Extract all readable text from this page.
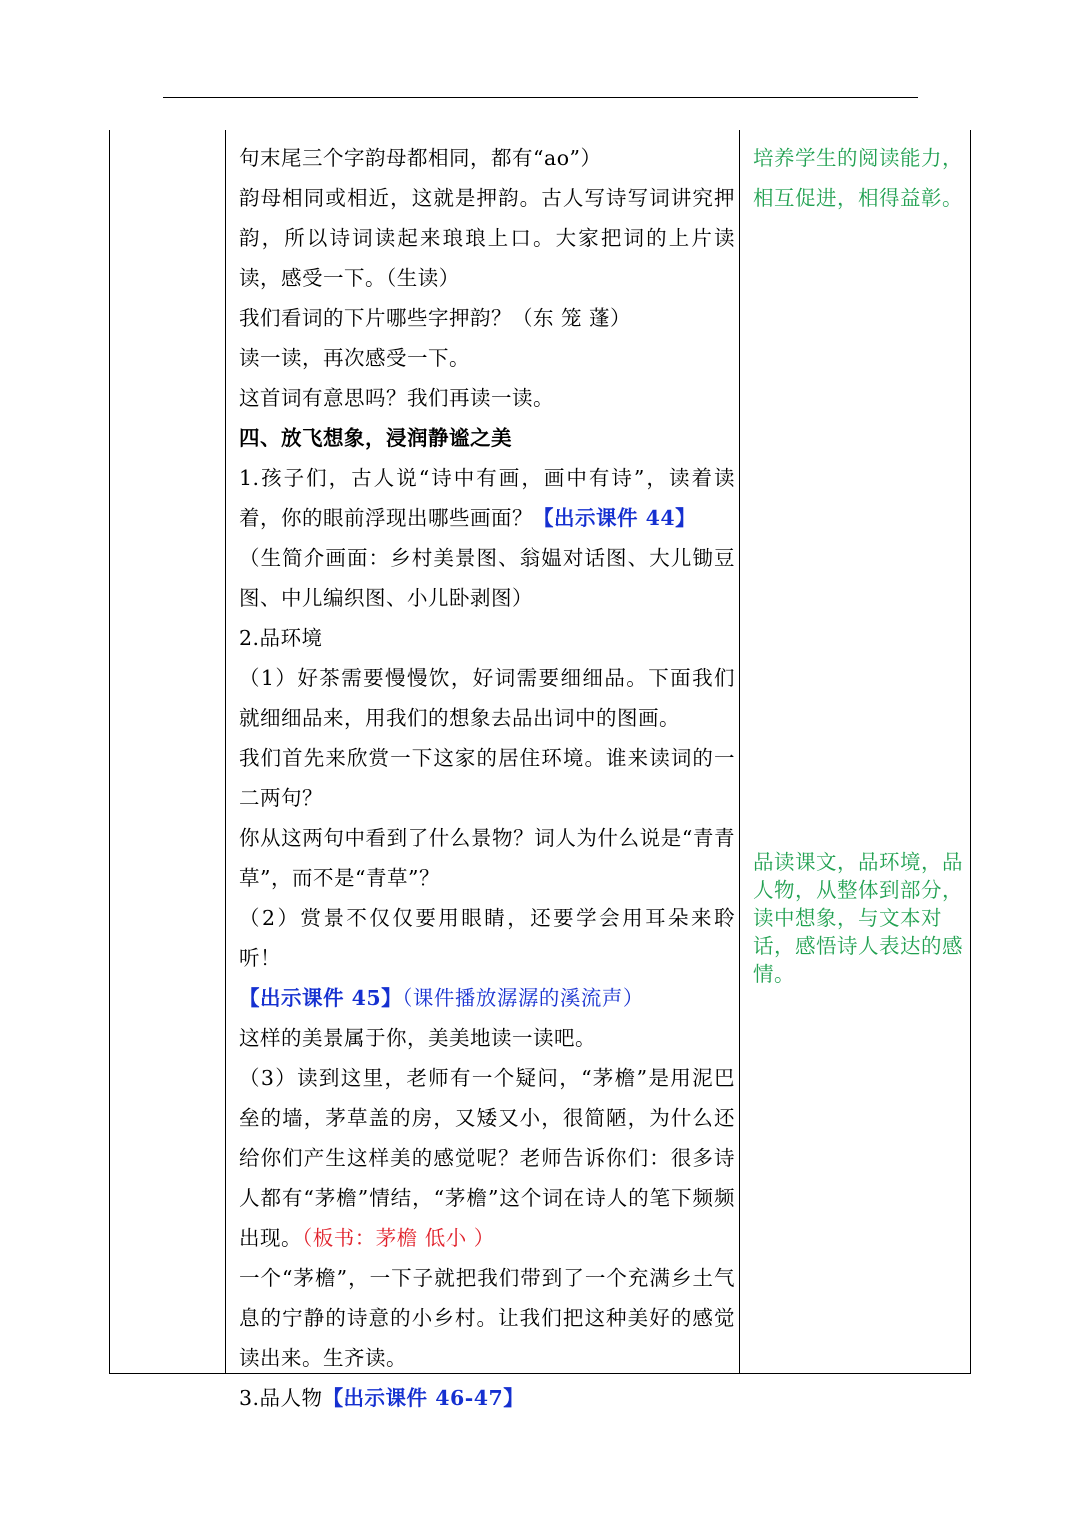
句末尾三个字韵母都相同，都有“ao”）

韵母相同或相近，这就是押韵。古人写诗写词讲究押韵，所以诗词读起来琅琅上口。大家把词的上片读读，感受一下。（生读）

我们看词的下片哪些字押韵？（东 笼 蓬）

读一读，再次感受一下。

这首词有意思吗？我们再读一读。

四、放飞想象，浸润静谧之美

1.孩子们，古人说“诗中有画，画中有诗”，读着读着，你的眼前浮现出哪些画面？【出示课件 44】

（生简介画面：乡村美景图、翁媪对话图、大儿锄豆图、中儿编织图、小儿卧剥图）

2.品环境

（1）好茶需要慢慢饮，好词需要细细品。下面我们就细细品来，用我们的想象去品出词中的图画。

我们首先来欣赏一下这家的居住环境。谁来读词的一二两句？

你从这两句中看到了什么景物？词人为什么说是“青青草”，而不是“青草”？

（2）赏景不仅仅要用眼睛，还要学会用耳朵来聆听！

【出示课件 45】（课件播放潺潺的溪流声）

这样的美景属于你，美美地读一读吧。

（3）读到这里，老师有一个疑问，“茅檐”是用泥巴垒的墙，茅草盖的房，又矮又小，很简陋，为什么还给你们产生这样美的感觉呢？老师告诉你们：很多诗人都有“茅檐”情结，“茅檐”这个词在诗人的笔下频频出现。（板书：茅檐 低小 ）

一个“茅檐”，一下子就把我们带到了一个充满乡土气息的宁静的诗意的小乡村。让我们把这种美好的感觉读出来。生齐读。

3.品人物【出示课件 46-47】

培养学生的阅读能力，相互促进，相得益彰。
品读课文，品环境，品人物，从整体到部分，读中想象，与文本对话，感悟诗人表达的感情。
